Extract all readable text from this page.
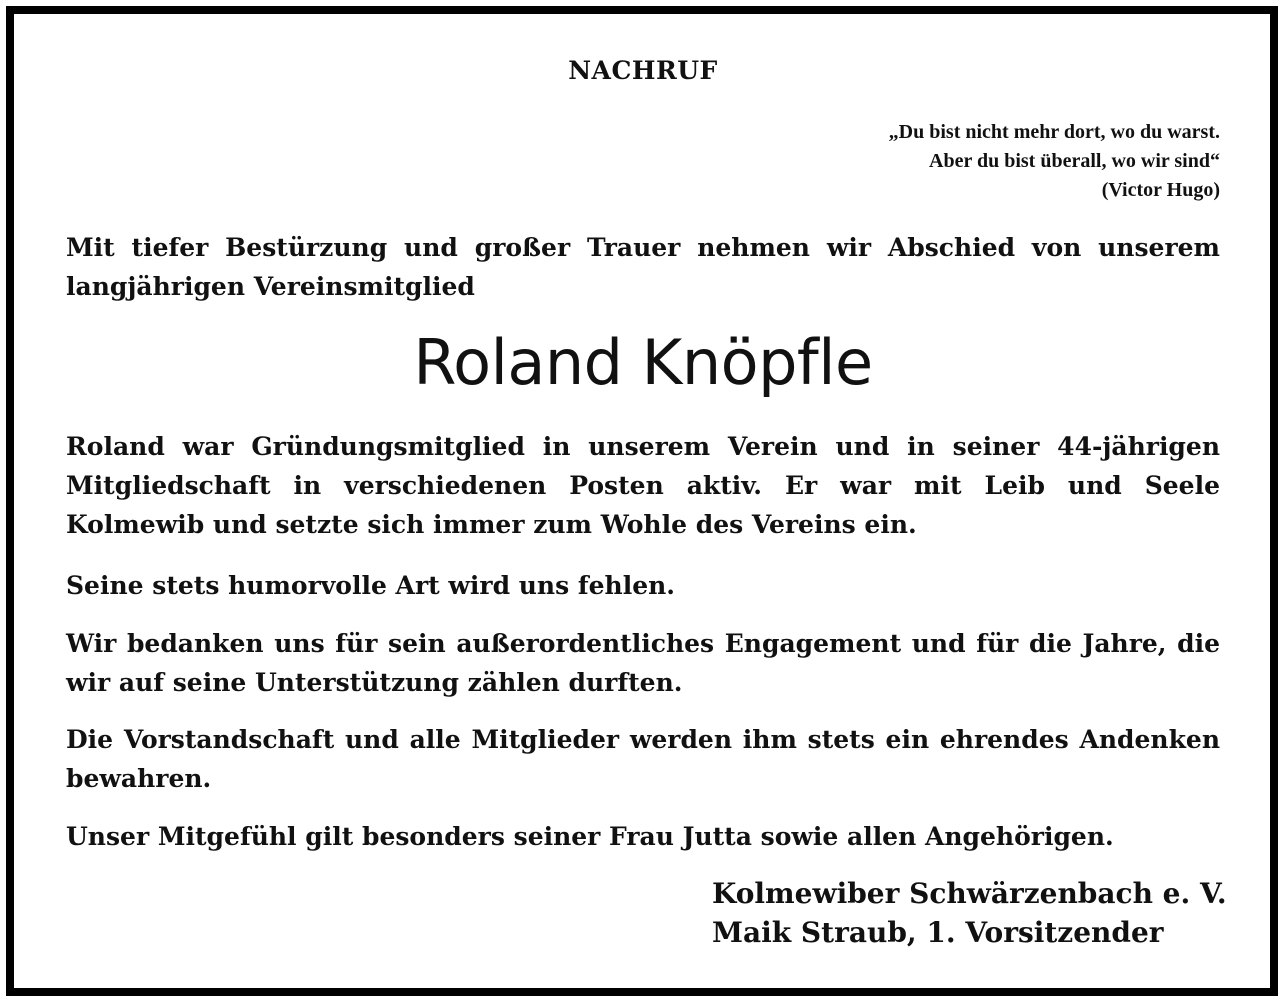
NACHRUF
„Du bist nicht mehr dort, wo du warst.
Aber du bist überall, wo wir sind“
(Victor Hugo)

Mit tiefer Bestürzung und großer Trauer nehmen wir Abschied von unserem langjährigen Vereinsmitglied

Roland Knöpfle

Roland war Gründungsmitglied in unserem Verein und in seiner 44-jährigen Mitgliedschaft in verschiedenen Posten aktiv. Er war mit Leib und Seele Kolmewib und setzte sich immer zum Wohle des Vereins ein.

Seine stets humorvolle Art wird uns fehlen.

Wir bedanken uns für sein außerordentliches Engagement und für die Jahre, die wir auf seine Unterstützung zählen durften.

Die Vorstandschaft und alle Mitglieder werden ihm stets ein ehrendes Andenken bewahren.

Unser Mitgefühl gilt besonders seiner Frau Jutta sowie allen Angehörigen.

Kolmewiber Schwärzenbach e. V.
Maik Straub, 1. Vorsitzender
